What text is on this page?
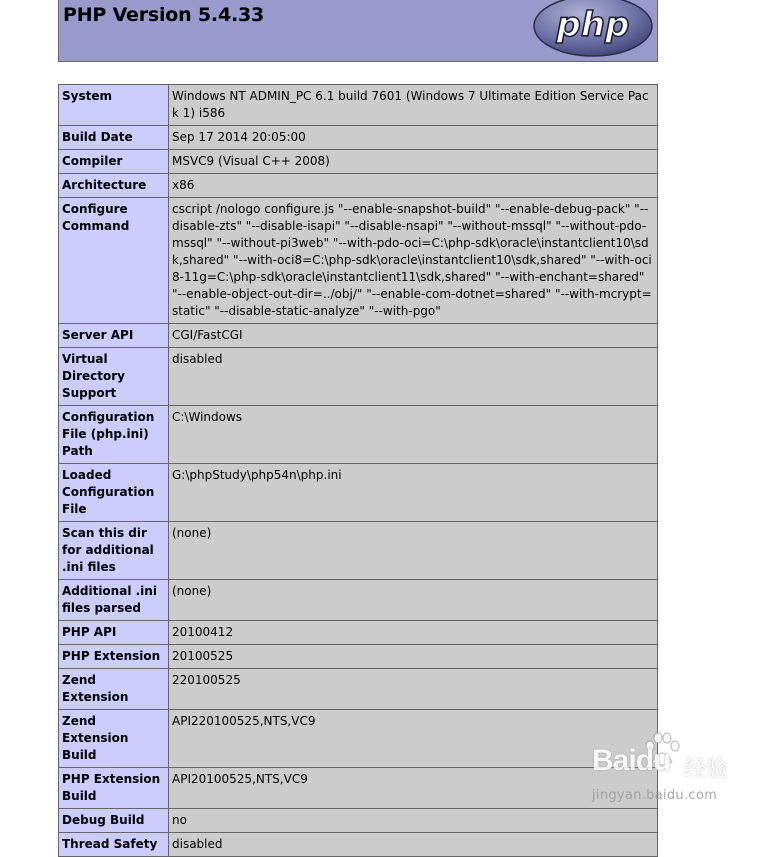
PHP Version 5.4.33	php
System	Windows NT ADMIN_PC 6.1 build 7601 (Windows 7 Ultimate Edition Service Pack 1) i586
Build Date	Sep 17 2014 20:05:00
Compiler	MSVC9 (Visual C++ 2008)
Architecture	x86
Configure Command	cscript /nologo configure.js "--enable-snapshot-build" "--enable-debug-pack" "--disable-zts" "--disable-isapi" "--disable-nsapi" "--without-mssql" "--without-pdo-mssql" "--without-pi3web" "--with-pdo-oci=C:\php-sdk\oracle\instantclient10\sdk,shared" "--with-oci8=C:\php-sdk\oracle\instantclient10\sdk,shared" "--with-oci8-11g=C:\php-sdk\oracle\instantclient11\sdk,shared" "--with-enchant=shared" "--enable-object-out-dir=../obj/" "--enable-com-dotnet=shared" "--with-mcrypt=static" "--disable-static-analyze" "--with-pgo"
Server API	CGI/FastCGI
Virtual Directory Support	disabled
Configuration File (php.ini) Path	C:\Windows
Loaded Configuration File	G:\phpStudy\php54n\php.ini
Scan this dir for additional .ini files	(none)
Additional .ini files parsed	(none)
PHP API	20100412
PHP Extension	20100525
Zend Extension	220100525
Zend Extension Build	API220100525,NTS,VC9
PHP Extension Build	API20100525,NTS,VC9
Debug Build	no
Thread Safety	disabled
Baidu 经验
jingyan.baidu.com
